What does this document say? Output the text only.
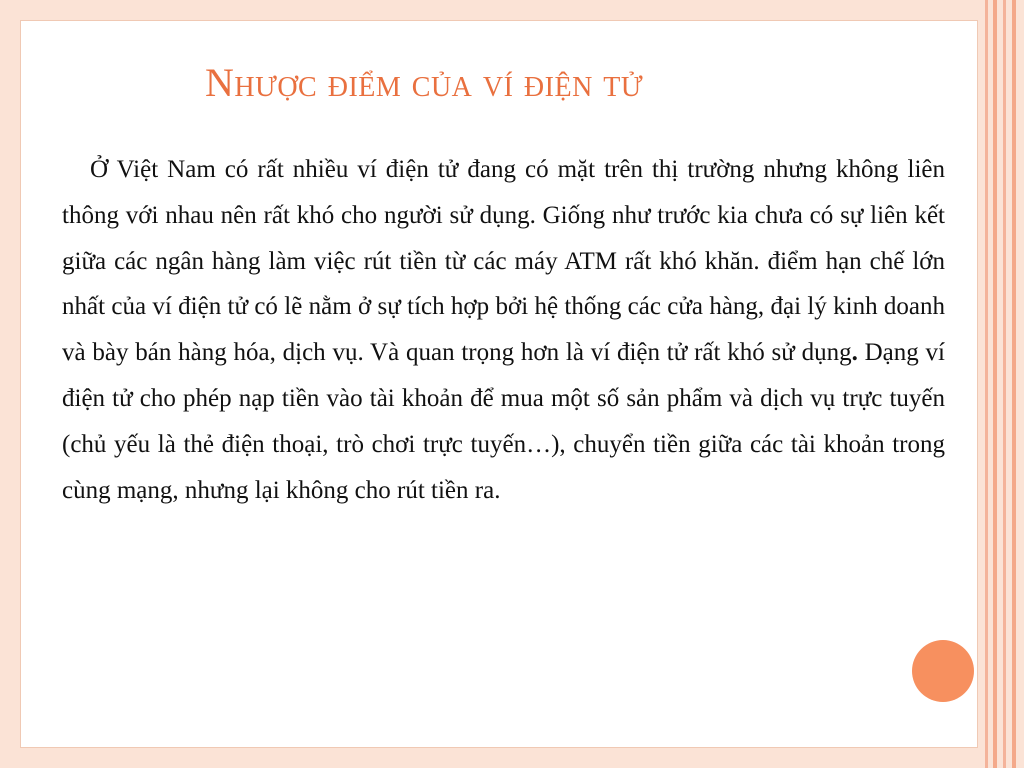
Nhược điểm của ví điện tử

Ở Việt Nam có rất nhiều ví điện tử đang có mặt trên thị trường nhưng không liên thông với nhau nên rất khó cho người sử dụng. Giống như trước kia chưa có sự liên kết giữa các ngân hàng làm việc rút tiền từ các máy ATM rất khó khăn. điểm hạn chế lớn nhất của ví điện tử có lẽ nằm ở sự tích hợp bởi hệ thống các cửa hàng, đại lý kinh doanh và bày bán hàng hóa, dịch vụ. Và quan trọng hơn là ví điện tử rất khó sử dụng. Dạng ví điện tử cho phép nạp tiền vào tài khoản để mua một số sản phẩm và dịch vụ trực tuyến (chủ yếu là thẻ điện thoại, trò chơi trực tuyến…), chuyển tiền giữa các tài khoản trong cùng mạng, nhưng lại không cho rút tiền ra.
